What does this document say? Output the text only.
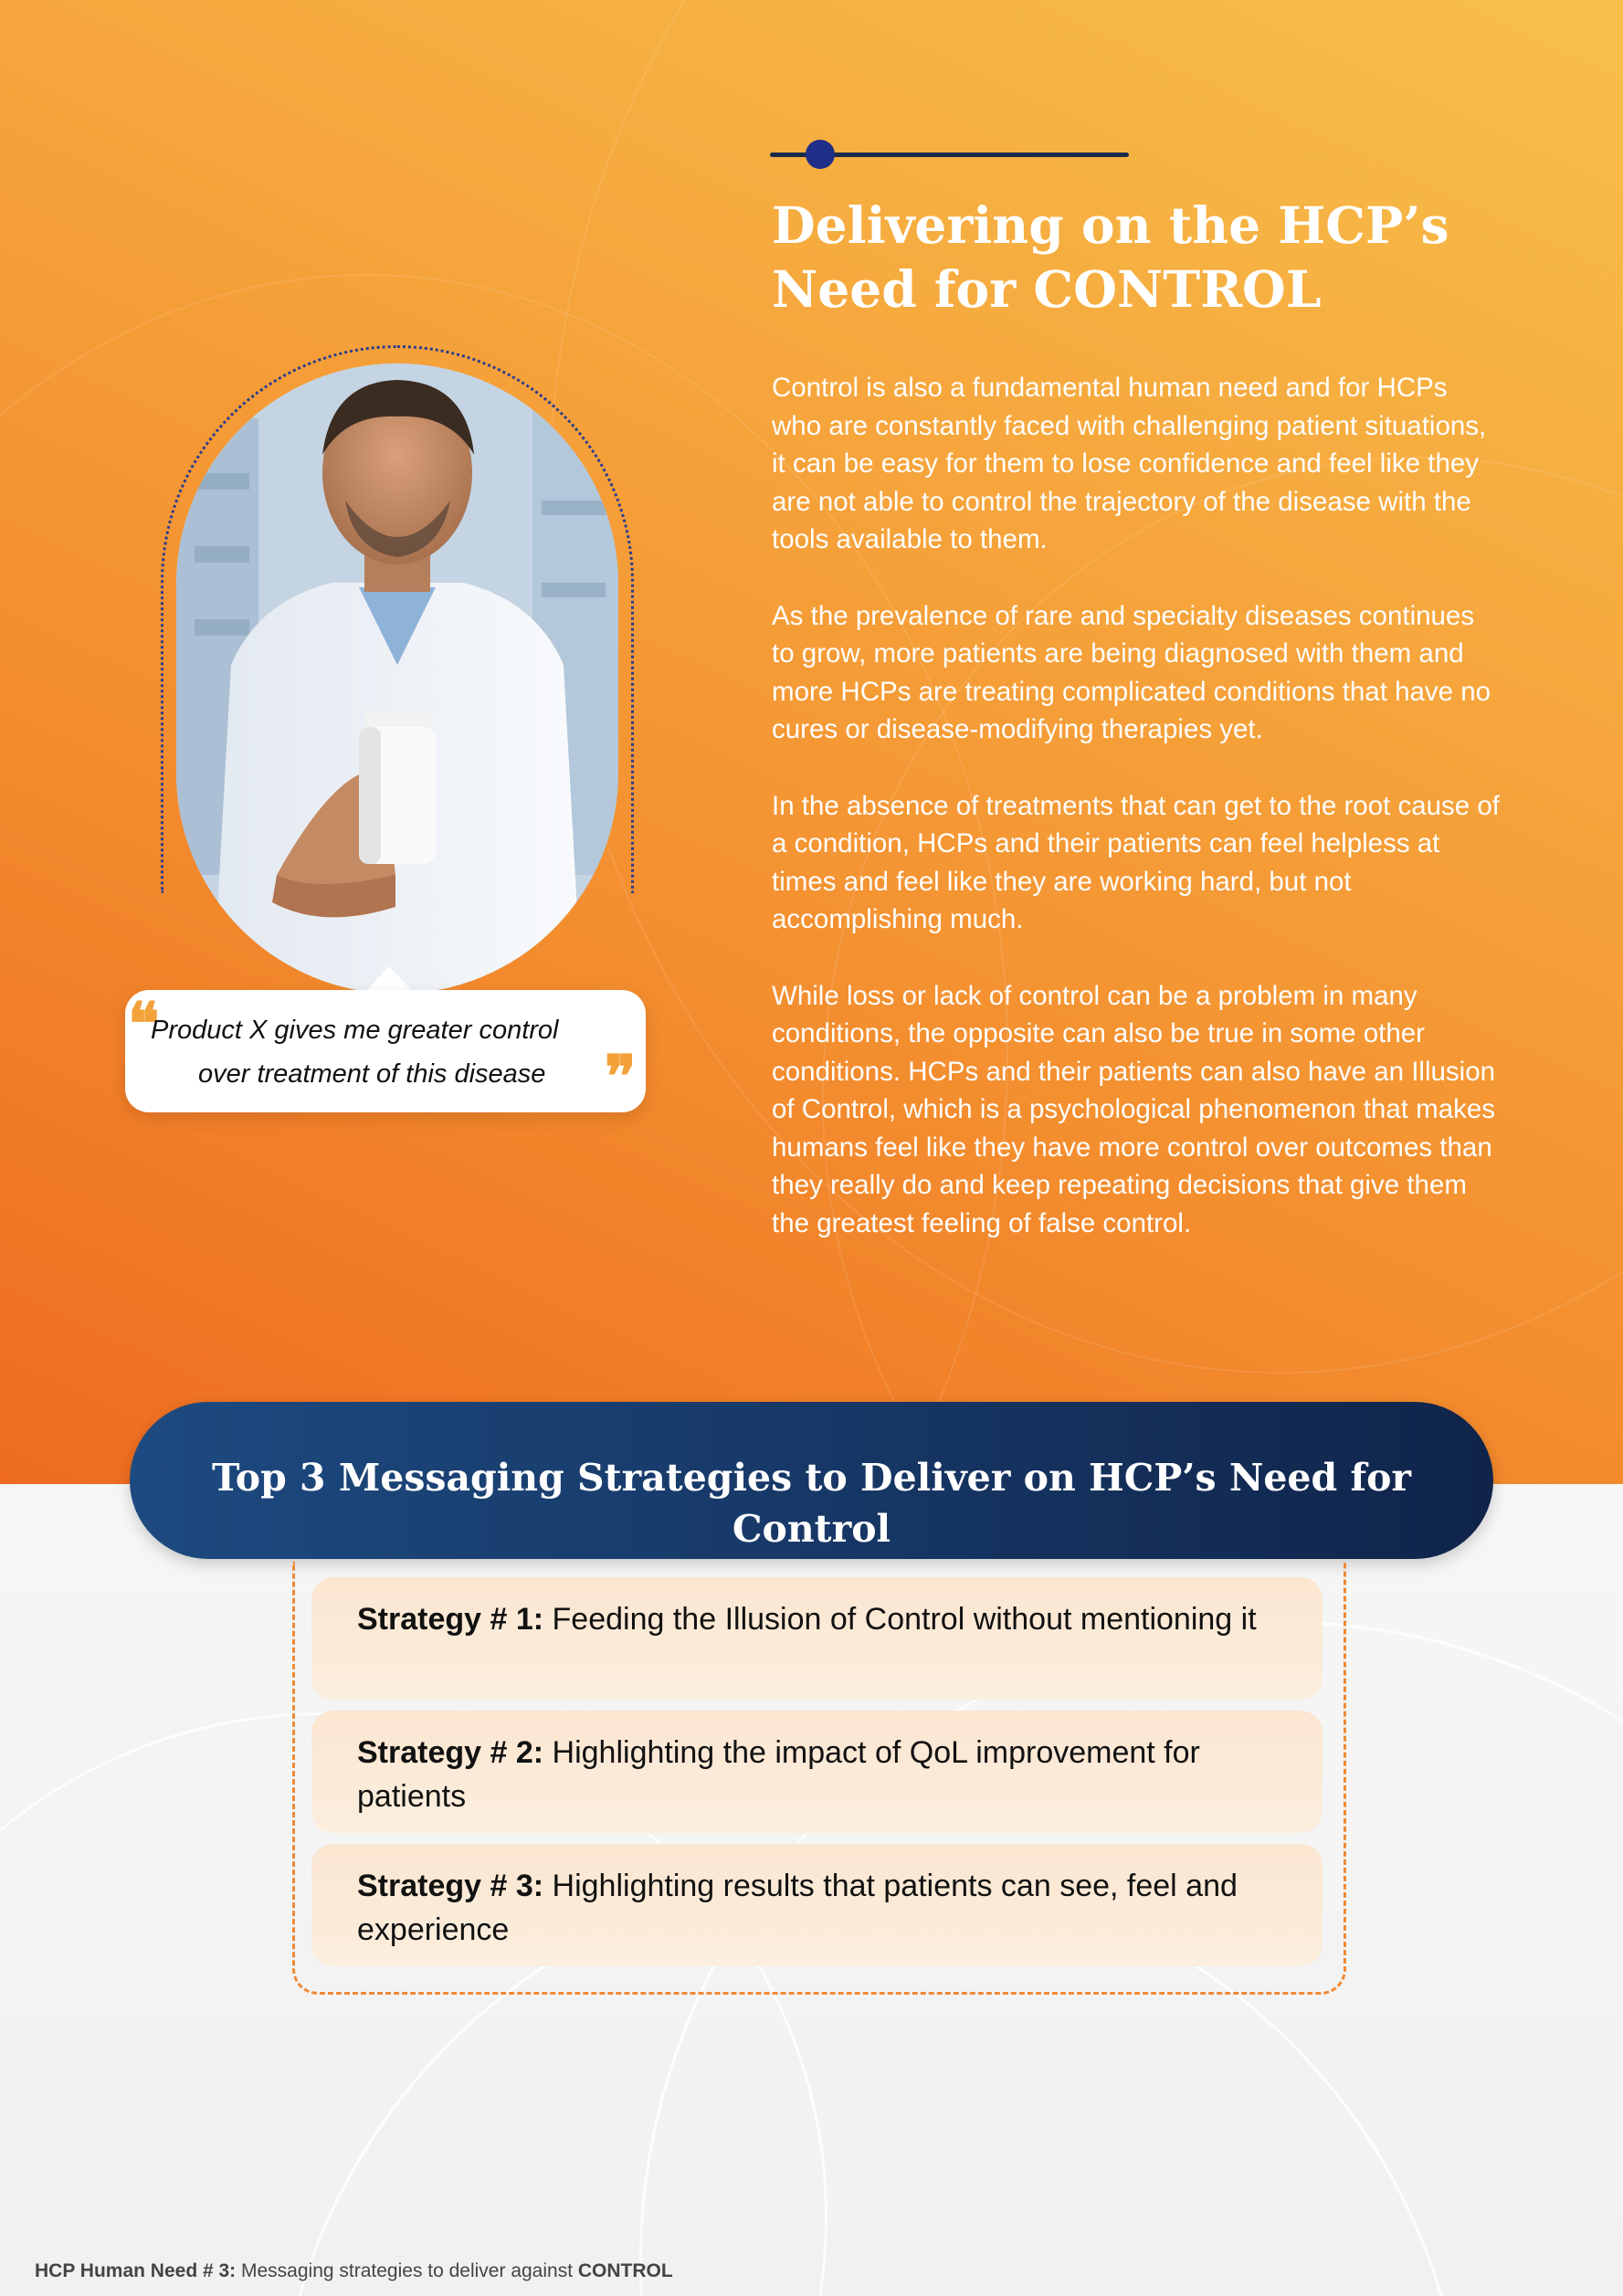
Delivering on the HCP’s
Need for CONTROL

Control is also a fundamental human need and for HCPs who are constantly faced with challenging patient situations, it can be easy for them to lose confidence and feel like they are not able to control the trajectory of the disease with the tools available to them.

As the prevalence of rare and specialty diseases continues to grow, more patients are being diagnosed with them and more HCPs are treating complicated conditions that have no cures or disease-modifying therapies yet.

In the absence of treatments that can get to the root cause of a condition, HCPs and their patients can feel helpless at times and feel like they are working hard, but not accomplishing much.

While loss or lack of control can be a problem in many conditions, the opposite can also be true in some other conditions. HCPs and their patients can also have an Illusion of Control, which is a psychological phenomenon that makes humans feel like they have more control over outcomes than they really do and keep repeating decisions that give them the greatest feeling of false control.

❝
Product X gives me greater control
over treatment of this disease	❞
Top 3 Messaging Strategies to Deliver on HCP’s Need for Control
Strategy # 1: Feeding the Illusion of Control without mentioning it
Strategy # 2: Highlighting the impact of QoL improvement for patients
Strategy # 3: Highlighting results that patients can see, feel and experience
HCP Human Need # 3: Messaging strategies to deliver against CONTROL
